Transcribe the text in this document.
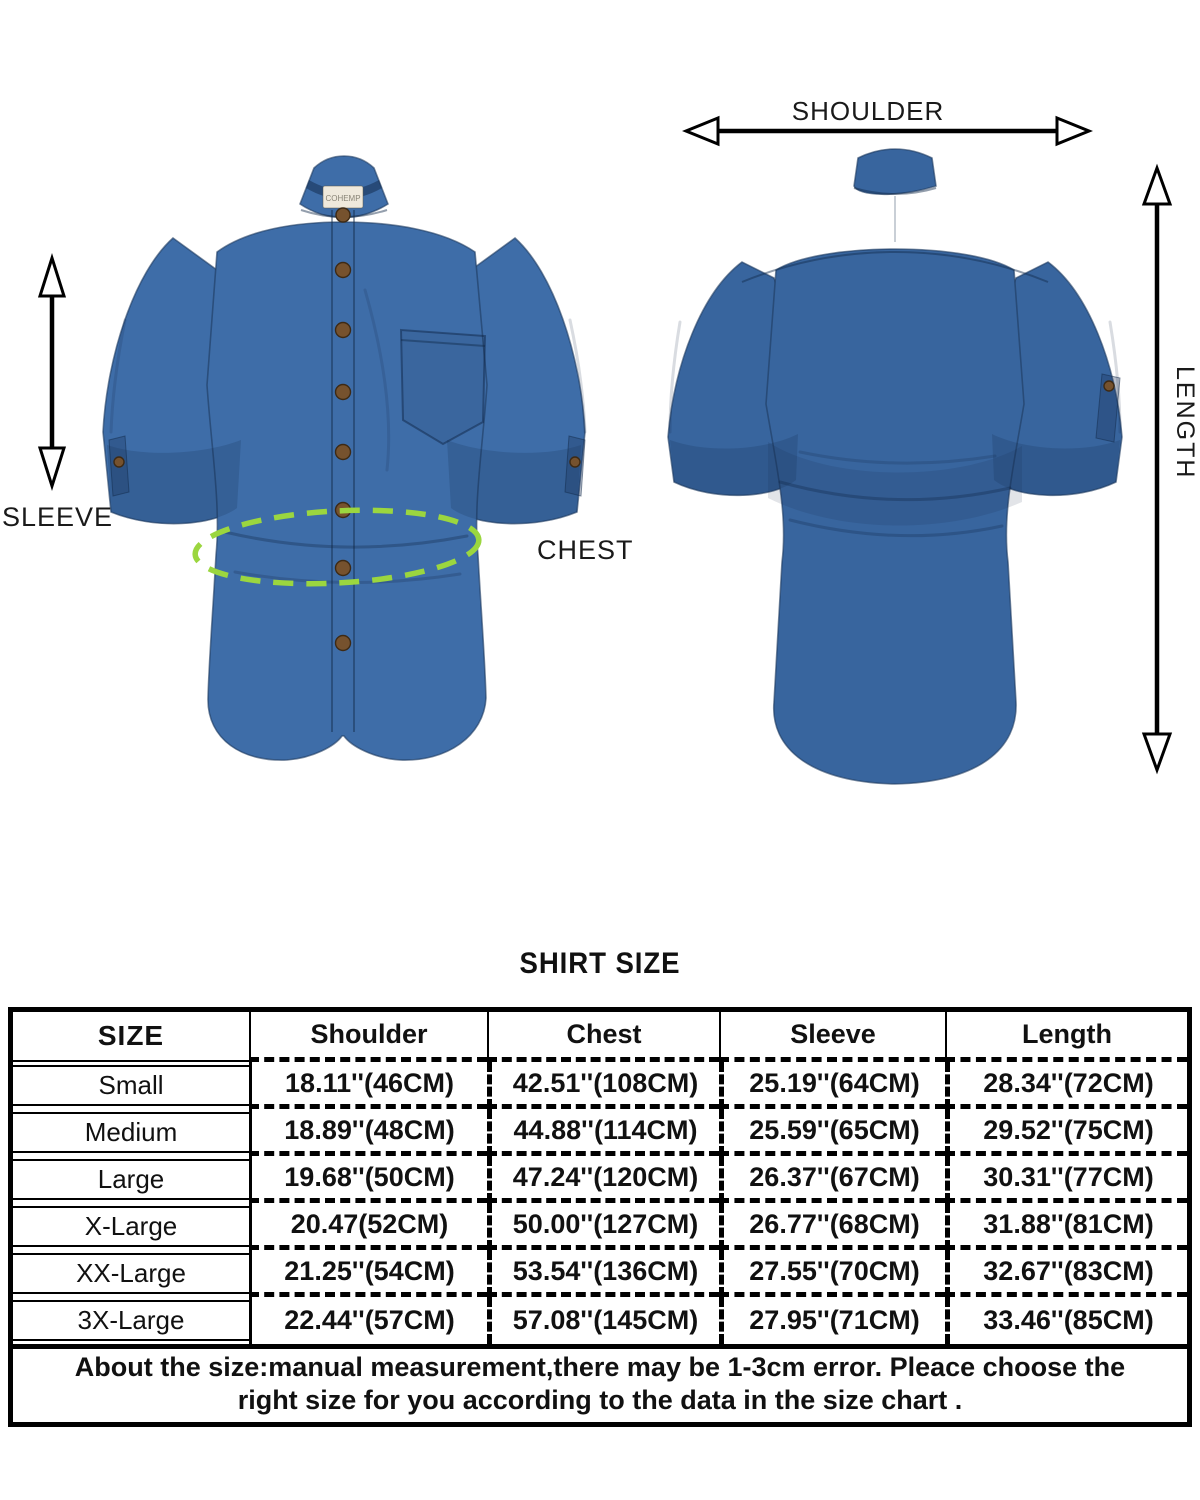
COHEMP
SHOULDER
SLEEVE
CHEST
LENGTH
SHIRT SIZE
SIZE	Shoulder	Chest	Sleeve	Length
Small	18.11''(46CM)	42.51''(108CM)	25.19''(64CM)	28.34''(72CM)
Medium	18.89''(48CM)	44.88''(114CM)	25.59''(65CM)	29.52''(75CM)
Large	19.68''(50CM)	47.24''(120CM)	26.37''(67CM)	30.31''(77CM)
X-Large	20.47(52CM)	50.00''(127CM)	26.77''(68CM)	31.88''(81CM)
XX-Large	21.25''(54CM)	53.54''(136CM)	27.55''(70CM)	32.67''(83CM)
3X-Large	22.44''(57CM)	57.08''(145CM)	27.95''(71CM)	33.46''(85CM)
About the size:manual measurement,there may be 1-3cm error. Pleace choose the
right size for you according to the data in the size chart .
